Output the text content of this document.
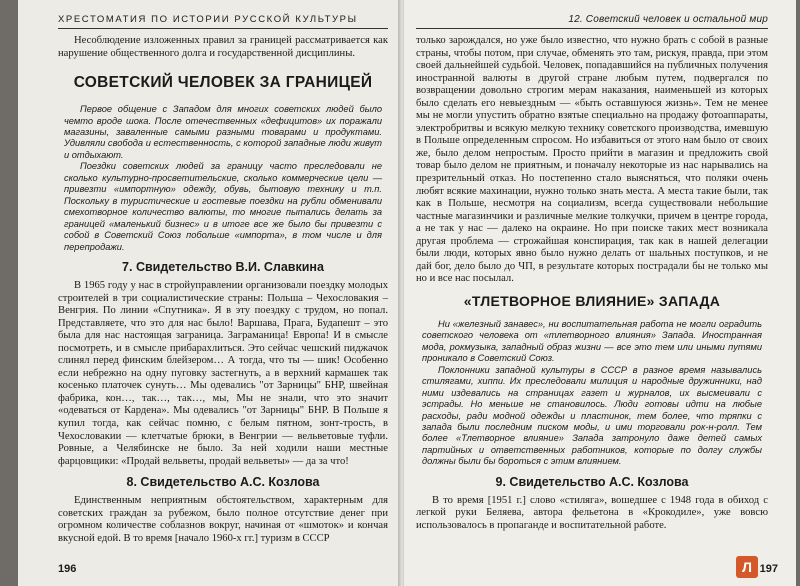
ХРЕСТОМАТИЯ ПО ИСТОРИИ РУССКОЙ КУЛЬТУРЫ

Несоблюдение изложенных правил за границей рассматривается как нарушение общественного долга и государственной дисциплины.

СОВЕТСКИЙ ЧЕЛОВЕК ЗА ГРАНИЦЕЙ

Первое общение с Западом для многих советских людей было чемто вроде шока. После отечественных «дефицитов» их поражали магазины, заваленные самыми разными товарами и продуктами. Удивляли свобода и естественность, с которой западные люди живут и отдыхают.

Поездки советских людей за границу часто преследовали не сколько культурно-просветительские, сколько коммерческие цели — привезти «импортную» одежду, обувь, бытовую технику и т.п. Поскольку в туристические и гостевые поездки на рубли обменивали смехотворное количество валюты, то многие пытались делать за границей «маленький бизнес» и в итоге все же было бы привезти с собой в Советский Союз побольше «импорта», в том числе и для перепродажи.

7. Свидетельство В.И. Славкина

В 1965 году у нас в стройуправлении организовали поездку молодых строителей в три социалистические страны: Польша – Чехословакия – Венгрия. По линии «Спутника». Я в эту поездку с трудом, но попал. Представляете, что это для нас было! Варшава, Прага, Будапешт – это была для нас настоящая заграница. Заграманица! Европа! И в смысле посмотреть, и в смысле прибарахлиться. Это сейчас чешский пиджачок слинял перед финским блейзером… А тогда, что ты — шик! Особенно если небрежно на одну пуговку застегнуть, а в верхний кармашек так косенько платочек сунуть… Мы одевались "от Зарницы" БНР, швейная фабрика, кон…, так…, так…, мы, Мы не знали, что это значит «одеваться от Кардена». Мы одевались "от Зарницы" БНР. В Польше я купил тогда, как сейчас помню, с белым пятном, зонт-трость, в Чехословакии — клетчатые брюки, в Венгрии — вельветовые туфли. Ровные, а Челябинске не было. За ней ходили наши местные фарцовщики: «Продай вельветы, продай вельветы» — да за что!

8. Свидетельство А.С. Козлова

Единственным неприятным обстоятельством, характерным для советских граждан за рубежом, было полное отсутствие денег при огромном количестве соблазнов вокруг, начиная от «шмоток» и кончая вкусной едой. В то время [начало 1960-х гг.] туризм в СССР

196
12. Советский человек и остальной мир

только зарождался, но уже было известно, что нужно брать с собой в разные страны, чтобы потом, при случае, обменять это там, рискуя, правда, при этом своей дальнейшей судьбой. Человек, попадавшийся на публичных получения иностранной валюты в другой стране любым путем, подвергался по возвращении довольно строгим мерам наказания, наименьшей из которых было сделать его невыездным — «быть оставшуюся жизнь». Тем не менее мы не могли упустить обратно взятые специально на продажу фотоаппараты, электробритвы и всякую мелкую технику советского производства, имевшую в Польше определенным спросом. Но избавиться от этого нам было от своих же, было делом непростым. Просто прийти в магазин и предложить свой товар было делом не приятным, и поначалу некоторые из нас нарывались на презрительный отказ. Но постепенно стало выясняться, что поляки очень любят всякие махинации, нужно только знать места. А места такие были, так как в Польше, несмотря на социализм, всегда существовали небольшие частные магазинчики и различные мелкие толкучки, причем в центре города, а не так у нас — далеко на окраине. Но при поиске таких мест возникала другая проблема — строжайшая конспирация, так как в нашей делегации были люди, которых явно было нужно делать от шальных поступков, и не дай бог, дело было до ЧП, в результате которых пострадали бы не только мы но и все нас посылал.

«ТЛЕТВОРНОЕ ВЛИЯНИЕ» ЗАПАДА

Ни «железный занавес», ни воспитательная работа не могли оградить советского человека от «тлетворного влияния» Запада. Иностранная мода, рокмузыка, западный образ жизни — все это тем или иными путями проникало в Советский Союз.

Поклонники западной культуры в СССР в разное время назывались стилягами, хиппи. Их преследовали милиция и народные дружинники, над ними издевались на страницах газет и журналов, их высмеивали с эстрады. Но меньше не становилось. Люди готовы идти на любые расходы, ради модной одежды и пластинок, тем более, что тряпки с запада были последним писком моды, и ими торговали рок-н-ролл. Тем более «Тлетворное влияние» Запада затронуло даже детей самых партийных и ответственных работников, которые по долгу службы должны были бы бороться с этим влиянием.

9. Свидетельство А.С. Козлова

В то время [1951 г.] слово «стиляга», вошедшее с 1948 года в обиход с легкой руки Беляева, автора фельетона в «Крокодиле», уже вовсю использовалось в пропаганде и воспитательной работе.

Л 197
